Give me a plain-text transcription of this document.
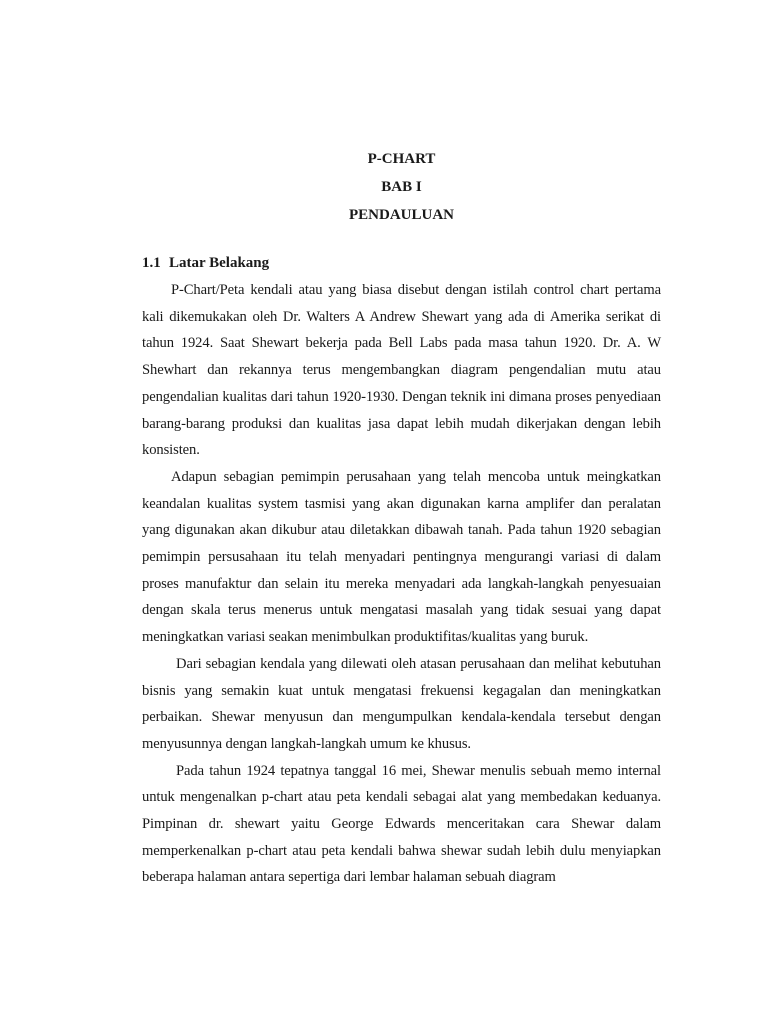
P-CHART

BAB I

PENDAULUAN

1.1 Latar Belakang

P-Chart/Peta kendali atau yang biasa disebut dengan istilah control chart pertama kali dikemukakan oleh Dr. Walters A Andrew Shewart yang ada di Amerika serikat di tahun 1924. Saat Shewart bekerja pada Bell Labs pada masa tahun 1920. Dr. A. W Shewhart dan rekannya terus mengembangkan diagram pengendalian mutu atau pengendalian kualitas dari tahun 1920-1930. Dengan teknik ini dimana proses penyediaan barang-barang produksi dan kualitas jasa dapat lebih mudah dikerjakan dengan lebih konsisten.

Adapun sebagian pemimpin perusahaan yang telah mencoba untuk meingkatkan keandalan kualitas system tasmisi yang akan digunakan karna amplifer dan peralatan yang digunakan akan dikubur atau diletakkan dibawah tanah. Pada tahun 1920 sebagian pemimpin persusahaan itu telah menyadari pentingnya mengurangi variasi di dalam proses manufaktur dan selain itu mereka menyadari ada langkah-langkah penyesuaian dengan skala terus menerus untuk mengatasi masalah yang tidak sesuai yang dapat meningkatkan variasi seakan menimbulkan produktifitas/kualitas yang buruk.

Dari sebagian kendala yang dilewati oleh atasan perusahaan dan melihat kebutuhan bisnis yang semakin kuat untuk mengatasi frekuensi kegagalan dan meningkatkan perbaikan. Shewar menyusun dan mengumpulkan kendala-kendala tersebut dengan menyusunnya dengan langkah-langkah umum ke khusus.

Pada tahun 1924 tepatnya tanggal 16 mei, Shewar menulis sebuah memo internal untuk mengenalkan p-chart atau peta kendali sebagai alat yang membedakan keduanya. Pimpinan dr. shewart yaitu George Edwards menceritakan cara Shewar dalam memperkenalkan p-chart atau peta kendali bahwa shewar sudah lebih dulu menyiapkan beberapa halaman antara sepertiga dari lembar halaman sebuah diagram
